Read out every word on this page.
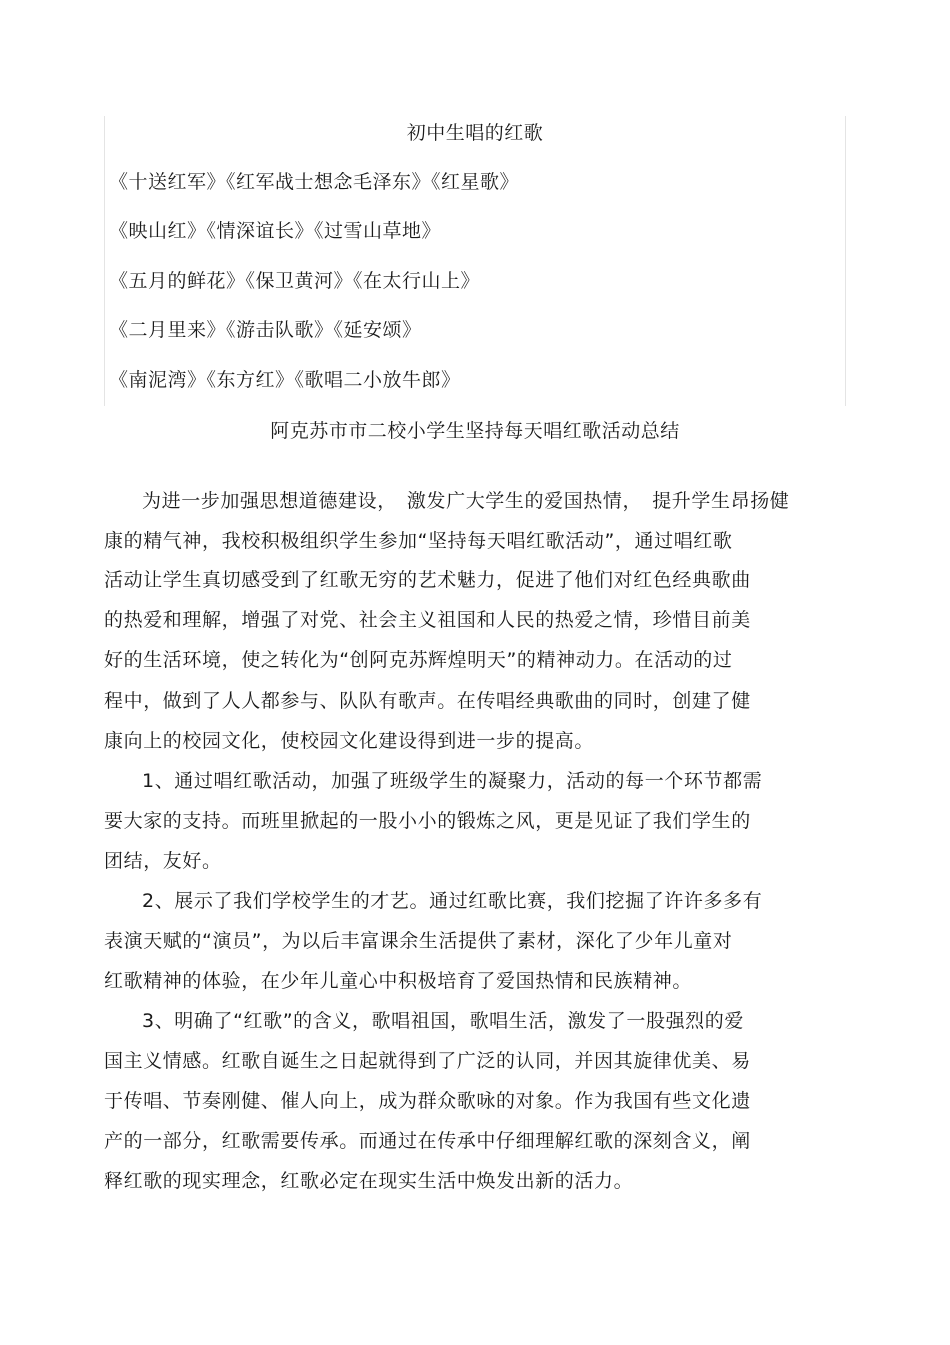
初中生唱的红歌
《十送红军》《红军战士想念毛泽东》《红星歌》
《映山红》《情深谊长》《过雪山草地》
《五月的鲜花》《保卫黄河》《在太行山上》
《二月里来》《游击队歌》《延安颂》
《南泥湾》《东方红》《歌唱二小放牛郎》
阿克苏市市二校小学生坚持每天唱红歌活动总结
为进一步加强思想道德建设，　激发广大学生的爱国热情，　提升学生昂扬健
康的精气神，我校积极组织学生参加“坚持每天唱红歌活动”，通过唱红歌
活动让学生真切感受到了红歌无穷的艺术魅力，促进了他们对红色经典歌曲
的热爱和理解，增强了对党、社会主义祖国和人民的热爱之情，珍惜目前美
好的生活环境，使之转化为“创阿克苏辉煌明天”的精神动力。在活动的过
程中，做到了人人都参与、队队有歌声。在传唱经典歌曲的同时，创建了健
康向上的校园文化，使校园文化建设得到进一步的提高。
1、通过唱红歌活动，加强了班级学生的凝聚力，活动的每一个环节都需
要大家的支持。而班里掀起的一股小小的锻炼之风，更是见证了我们学生的
团结，友好。
2、展示了我们学校学生的才艺。通过红歌比赛，我们挖掘了许许多多有
表演天赋的“演员”，为以后丰富课余生活提供了素材，深化了少年儿童对
红歌精神的体验，在少年儿童心中积极培育了爱国热情和民族精神。
3、明确了“红歌”的含义，歌唱祖国，歌唱生活，激发了一股强烈的爱
国主义情感。红歌自诞生之日起就得到了广泛的认同，并因其旋律优美、易
于传唱、节奏刚健、催人向上，成为群众歌咏的对象。作为我国有些文化遗
产的一部分，红歌需要传承。而通过在传承中仔细理解红歌的深刻含义，阐
释红歌的现实理念，红歌必定在现实生活中焕发出新的活力。
